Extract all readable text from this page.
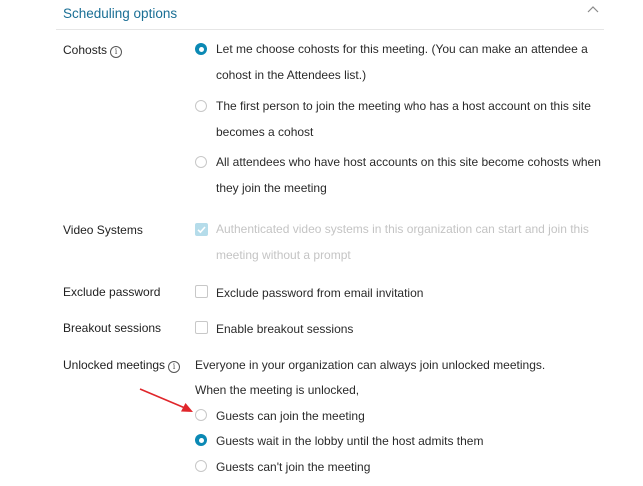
Scheduling options
Cohosts i	Let me choose cohosts for this meeting. (You can make an attendee a cohost in the Attendees list.)
The first person to join the meeting who has a host account on this site becomes a cohost
All attendees who have host accounts on this site become cohosts when they join the meeting
Video Systems	Authenticated video systems in this organization can start and join this meeting without a prompt
Exclude password	Exclude password from email invitation
Breakout sessions	Enable breakout sessions
Unlocked meetings i	Everyone in your organization can always join unlocked meetings.
When the meeting is unlocked,
Guests can join the meeting
Guests wait in the lobby until the host admits them
Guests can't join the meeting
